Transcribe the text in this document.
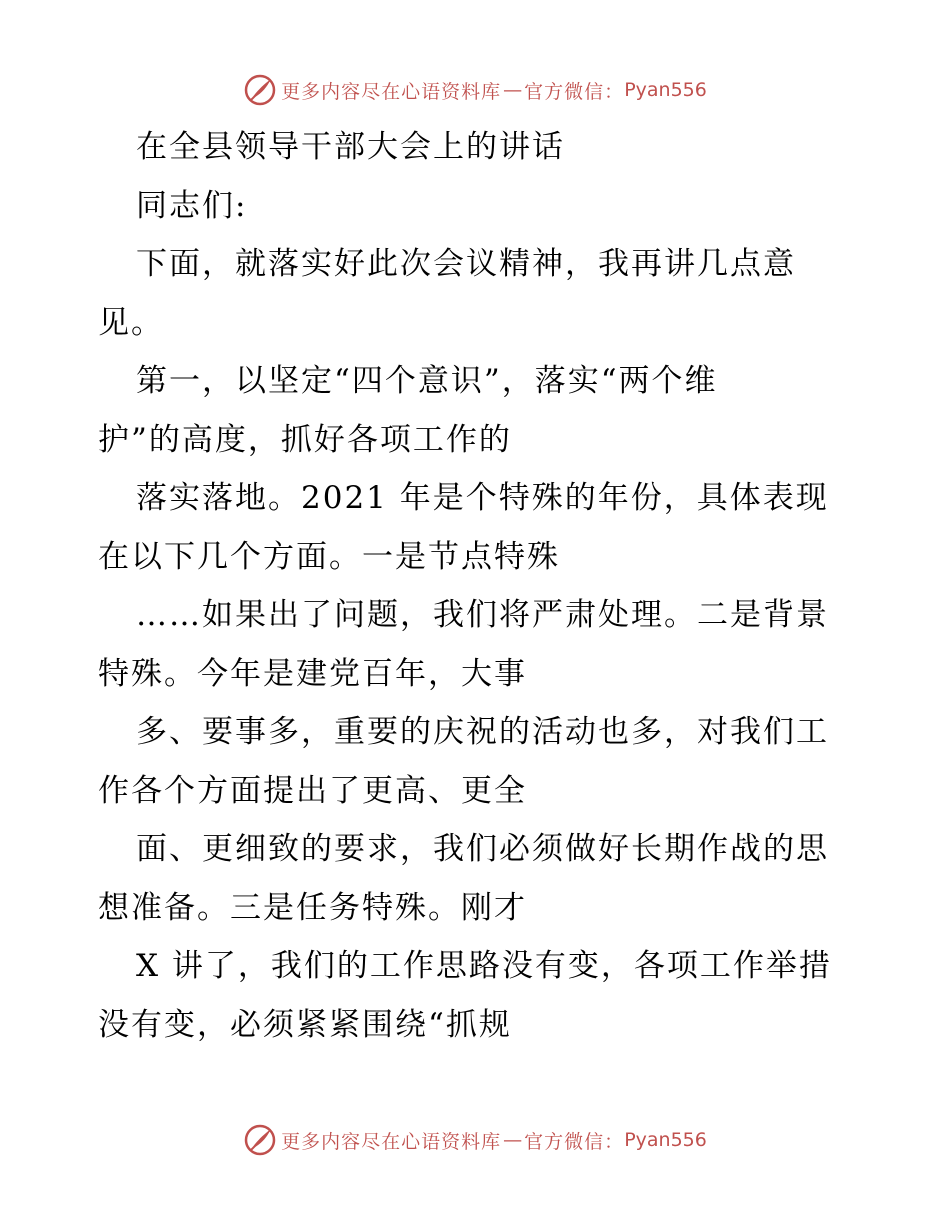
更多内容尽在心语资料库 — 官方微信： Pyan556
在全县领导干部大会上的讲话
同志们:
下面，就落实好此次会议精神，我再讲几点意
见。
第一，以坚定“四个意识”，落实“两个维
护”的高度，抓好各项工作的
落实落地。2021 年是个特殊的年份，具体表现
在以下几个方面。一是节点特殊
……如果出了问题，我们将严肃处理。二是背景
特殊。今年是建党百年，大事
多、要事多，重要的庆祝的活动也多，对我们工
作各个方面提出了更高、更全
面、更细致的要求，我们必须做好长期作战的思
想准备。三是任务特殊。刚才
X 讲了，我们的工作思路没有变，各项工作举措
没有变，必须紧紧围绕“抓规
更多内容尽在心语资料库 — 官方微信： Pyan556
